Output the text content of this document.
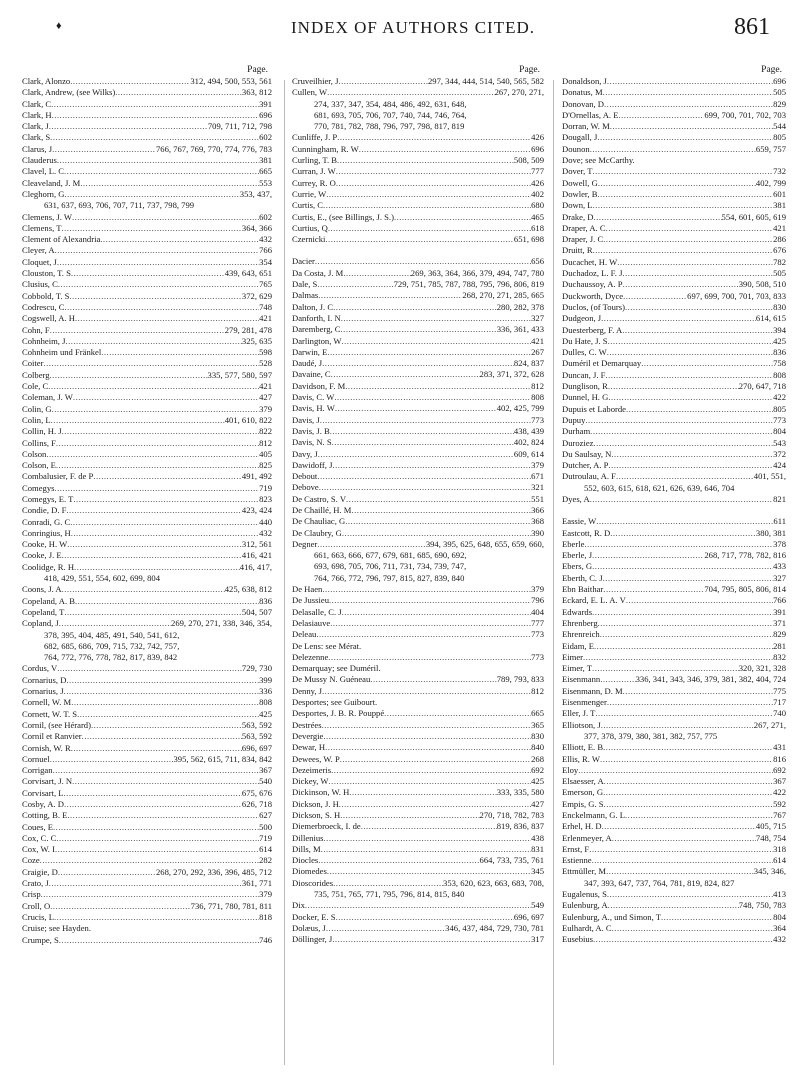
♦	INDEX OF AUTHORS CITED.	861
Page.
Clark, Alonzo .....	312, 494, 500, 553, 561
Clark, Andrew, (see Wilks) .....	363, 812
Clark, C .....	391
Clark, H .....	696
Clark, J .....	709, 711, 712, 798
Clark, S .....	602
Clarus, J .....	766, 767, 769, 770, 774, 776, 783
Clauderus .....	381
Clavel, L. C .....	665
Cleaveland, J. M .....	553
Cleghorn, G .....	353, 437,
631, 637, 693, 706, 707, 711, 737, 798, 799
Clemens, J. W .....	602
Clemens, T .....	364, 366
Clement of Alexandria .....	432
Cleyer, A .....	766
Cloquet, J .....	354
Clouston, T. S .....	439, 643, 651
Clusius, C .....	765
Cobbold, T. S .....	372, 629
Codrescu, C .....	748
Cogswell, A. H .....	421
Cohn, F .....	279, 281, 478
Cohnheim, J .....	325, 635
Cohnheim und Fränkel .....	598
Coiter .....	528
Colberg .....	335, 577, 580, 597
Cole, C .....	421
Coleman, J. W .....	427
Colin, G .....	379
Colin, L .....	401, 610, 822
Collin, H. J .....	822
Collins, F .....	812
Colson .....	405
Colson, E .....	825
Combalusier, F. de P .....	491, 492
Comegys .....	719
Comegys, E. T .....	823
Condie, D. F .....	423, 424
Conradi, G. C .....	440
Conringius, H .....	432
Cooke, H. W .....	312, 561
Cooke, J. E .....	416, 421
Coolidge, R. H .....	416, 417,
418, 429, 551, 554, 602, 699, 804
Coons, J. A .....	425, 638, 812
Copeland, A. B .....	836
Copeland, T .....	504, 507
Copland, J .....	269, 270, 271, 338, 346, 354,
378, 395, 404, 485, 491, 540, 541, 612,
682, 685, 686, 709, 715, 732, 742, 757,
764, 772, 776, 778, 782, 817, 839, 842
Cordus, V .....	729, 730
Cornarius, D .....	399
Cornarius, J .....	336
Cornell, W. M .....	808
Cornett, W. T. S .....	425
Cornil, (see Hérard) .....	563, 592
Cornil et Ranvier .....	563, 592
Cornish, W. R .....	696, 697
Cornuel .....	395, 562, 615, 711, 834, 842
Corrigan .....	367
Corvisart, J. N .....	540
Corvisart, L .....	675, 676
Cosby, A. D .....	626, 718
Cotting, B. E .....	627
Coues, E .....	500
Cox, C. C .....	719
Cox, W. I .....	614
Coze .....	282
Craigie, D .....	268, 270, 292, 336, 396, 485, 712
Crato, J .....	361, 771
Crisp .....	379
Croll, O .....	736, 771, 780, 781, 811
Crucis, L .....	818
Cruise; see Hayden.
Crumpe, S .....	746
Page.
Cruveilhier, J .....	297, 344, 444, 514, 540, 565, 582
Cullen, W .....	267, 270, 271,
274, 337, 347, 354, 484, 486, 492, 631, 648,
681, 693, 705, 706, 707, 740, 744, 746, 764,
770, 781, 782, 788, 796, 797, 798, 817, 819
Cunliffe, J. P .....	426
Cunningham, R. W .....	696
Curling, T. B .....	508, 509
Curran, J. W .....	777
Currey, R. O .....	426
Currie, W .....	402
Curtis, C .....	680
Curtis, E., (see Billings, J. S.) .....	465
Curtius, Q .....	618
Czernicki .....	651, 698
Dacier .....	656
Da Costa, J. M .....	269, 363, 364, 366, 379, 494, 747, 780
Dale, S .....	729, 751, 785, 787, 788, 795, 796, 806, 819
Dalmas .....	268, 270, 271, 285, 665
Dalton, J. C .....	280, 282, 378
Danforth, I. N .....	327
Daremberg, C .....	336, 361, 433
Darlington, W .....	421
Darwin, E .....	267
Daudé, J .....	824, 837
Davaine, C .....	283, 371, 372, 628
Davidson, F. M .....	812
Davis, C. W .....	808
Davis, H. W .....	402, 425, 799
Davis, J .....	773
Davis, J. B .....	438, 439
Davis, N. S .....	402, 824
Davy, J .....	609, 614
Dawidoff, J .....	379
Debout .....	671
Debove .....	321
De Castro, S. V .....	551
De Chaillé, H. M .....	366
De Chauliac, G .....	368
De Claubry, G .....	390
Degner .....	394, 395, 625, 648, 655, 659, 660,
661, 663, 666, 677, 679, 681, 685, 690, 692,
693, 698, 705, 706, 711, 731, 734, 739, 747,
764, 766, 772, 796, 797, 815, 827, 839, 840
De Haen .....	379
De Jussieu .....	796
Delasalle, C. J .....	404
Delasiauve .....	777
Deleau .....	773
De Lens: see Mérat.
Delezenne .....	773
Demarquay; see Duméril.
De Mussy N. Guéneau .....	789, 793, 833
Denny, J .....	812
Desportes; see Guibourt.
Desportes, J. B. R. Pouppé .....	665
Destrées .....	365
Devergie .....	830
Dewar, H .....	840
Dewees, W. P .....	268
Dezeimeris .....	692
Dickey, W .....	425
Dickinson, W. H .....	333, 335, 580
Dickson, J. H .....	427
Dickson, S. H .....	270, 718, 782, 783
Diemerbroeck, I. de .....	819, 836, 837
Dillenius .....	438
Dills, M .....	831
Diocles .....	664, 733, 735, 761
Diomedes .....	345
Dioscorides .....	353, 620, 623, 663, 683, 708,
735, 751, 765, 771, 795, 796, 814, 815, 840
Dix .....	549
Docker, E. S .....	696, 697
Dolæus, J .....	346, 437, 484, 729, 730, 781
Döllinger, J .....	317
Page.
Donaldson, J .....	696
Donatus, M .....	505
Donovan, D .....	829
D'Ornellas, A. E .....	699, 700, 701, 702, 703
Dorran, W. M .....	544
Dougall, J .....	805
Dounon .....	659, 757
Dove; see McCarthy.
Dover, T .....	732
Dowell, G .....	402, 799
Dowler, B .....	601
Down, L .....	381
Drake, D .....	554, 601, 605, 619
Draper, A. C .....	421
Draper, J. C .....	286
Druitt, R .....	676
Ducachet, H. W .....	782
Duchadoz, L. F. J .....	505
Duchaussoy, A. P .....	390, 508, 510
Duckworth, Dyce .....	697, 699, 700, 701, 703, 833
Duclos, (of Tours) .....	830
Dudgeon, J .....	614, 615
Duesterberg, F. A .....	394
Du Hate, J. S .....	425
Dulles, C. W .....	836
Duméril et Demarquay .....	758
Duncan, J. F .....	808
Dunglison, R .....	270, 647, 718
Dunnel, H. G .....	422
Dupuis et Laborde .....	805
Dupuy .....	773
Durham .....	804
Duroziez .....	543
Du Saulsay, N .....	372
Dutcher, A. P .....	424
Dutroulau, A. F .....	401, 551,
552, 603, 615, 618, 621, 626, 639, 646, 704
Dyes, A .....	821
Eassie, W .....	611
Eastcott, R. D .....	380, 381
Eberle .....	378
Eberle, J .....	268, 717, 778, 782, 816
Ebers, G .....	433
Eberth, C. J .....	327
Ebn Baithar .....	704, 795, 805, 806, 814
Eckard, E. L. A. V .....	766
Edwards .....	391
Ehrenberg .....	371
Ehrenreich .....	829
Eidam, E .....	281
Eimer .....	832
Eimer, T .....	320, 321, 328
Eisenmann .....	336, 341, 343, 346, 379, 381, 382, 404, 724
Eisenmann, D. M .....	775
Eisenmenger .....	717
Eller, J. T .....	740
Elliotson, J .....	267, 271,
377, 378, 379, 380, 381, 382, 757, 775
Elliott, E. B .....	431
Ellis, R. W .....	816
Eloy .....	692
Elsaesser, A .....	367
Emerson, G .....	422
Empis, G. S .....	592
Enckelmann, G. L .....	767
Erhel, H. D .....	405, 715
Erlenmeyer, A .....	748, 754
Ernst, F .....	318
Estienne .....	614
Ettmüller, M .....	345, 346,
347, 393, 647, 737, 764, 781, 819, 824, 827
Eugalenus, S .....	413
Eulenburg, A .....	748, 750, 783
Eulenburg, A., und Simon, T .....	804
Eulhardt, A. C .....	364
Eusebius .....	432
